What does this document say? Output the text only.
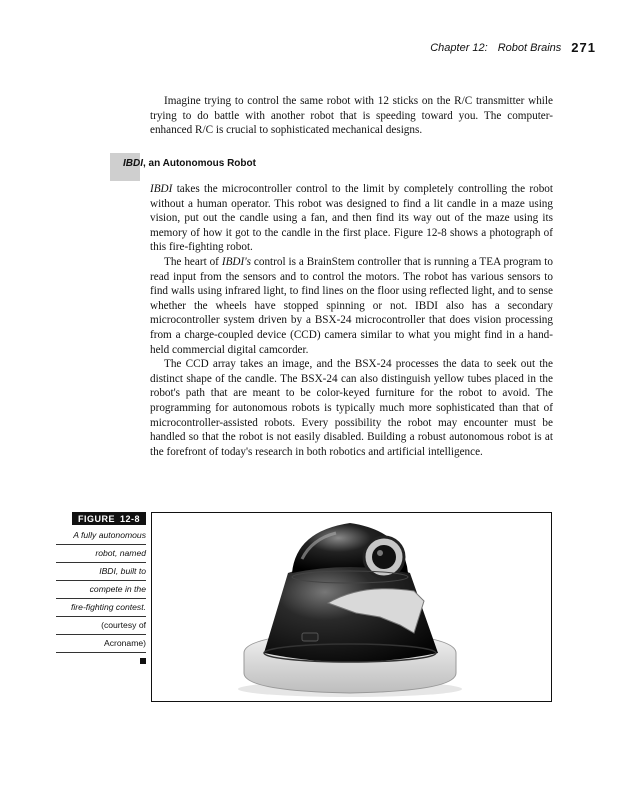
Chapter 12: Robot Brains 271

Imagine trying to control the same robot with 12 sticks on the R/C transmitter while trying to do battle with another robot that is speeding toward you. The computer-enhanced R/C is crucial to sophisticated mechanical designs.

IBDI, an Autonomous Robot

IBDI takes the microcontroller control to the limit by completely controlling the robot without a human operator. This robot was designed to find a lit candle in a maze using vision, put out the candle using a fan, and then find its way out of the maze using its memory of how it got to the candle in the first place. Figure 12-8 shows a photograph of this fire-fighting robot.

The heart of IBDI's control is a BrainStem controller that is running a TEA program to read input from the sensors and to control the motors. The robot has various sensors to find walls using infrared light, to find lines on the floor using reflected light, and to sense whether the wheels have stopped spinning or not. IBDI also has a secondary microcontroller system driven by a BSX-24 microcontroller that does vision processing from a charge-coupled device (CCD) camera similar to what you might find in a hand-held commercial digital camcorder.

The CCD array takes an image, and the BSX-24 processes the data to seek out the distinct shape of the candle. The BSX-24 can also distinguish yellow tubes placed in the robot's path that are meant to be color-keyed furniture for the robot to avoid. The programming for autonomous robots is typically much more sophisticated than that of microcontroller-assisted robots. Every possibility the robot may encounter must be handled so that the robot is not easily disabled. Building a robust autonomous robot is at the forefront of today's research in both robotics and artificial intelligence.

FIGURE 12-8
A fully autonomous
robot, named
IBDI, built to
compete in the
fire-fighting contest.
(courtesy of
Acroname)
